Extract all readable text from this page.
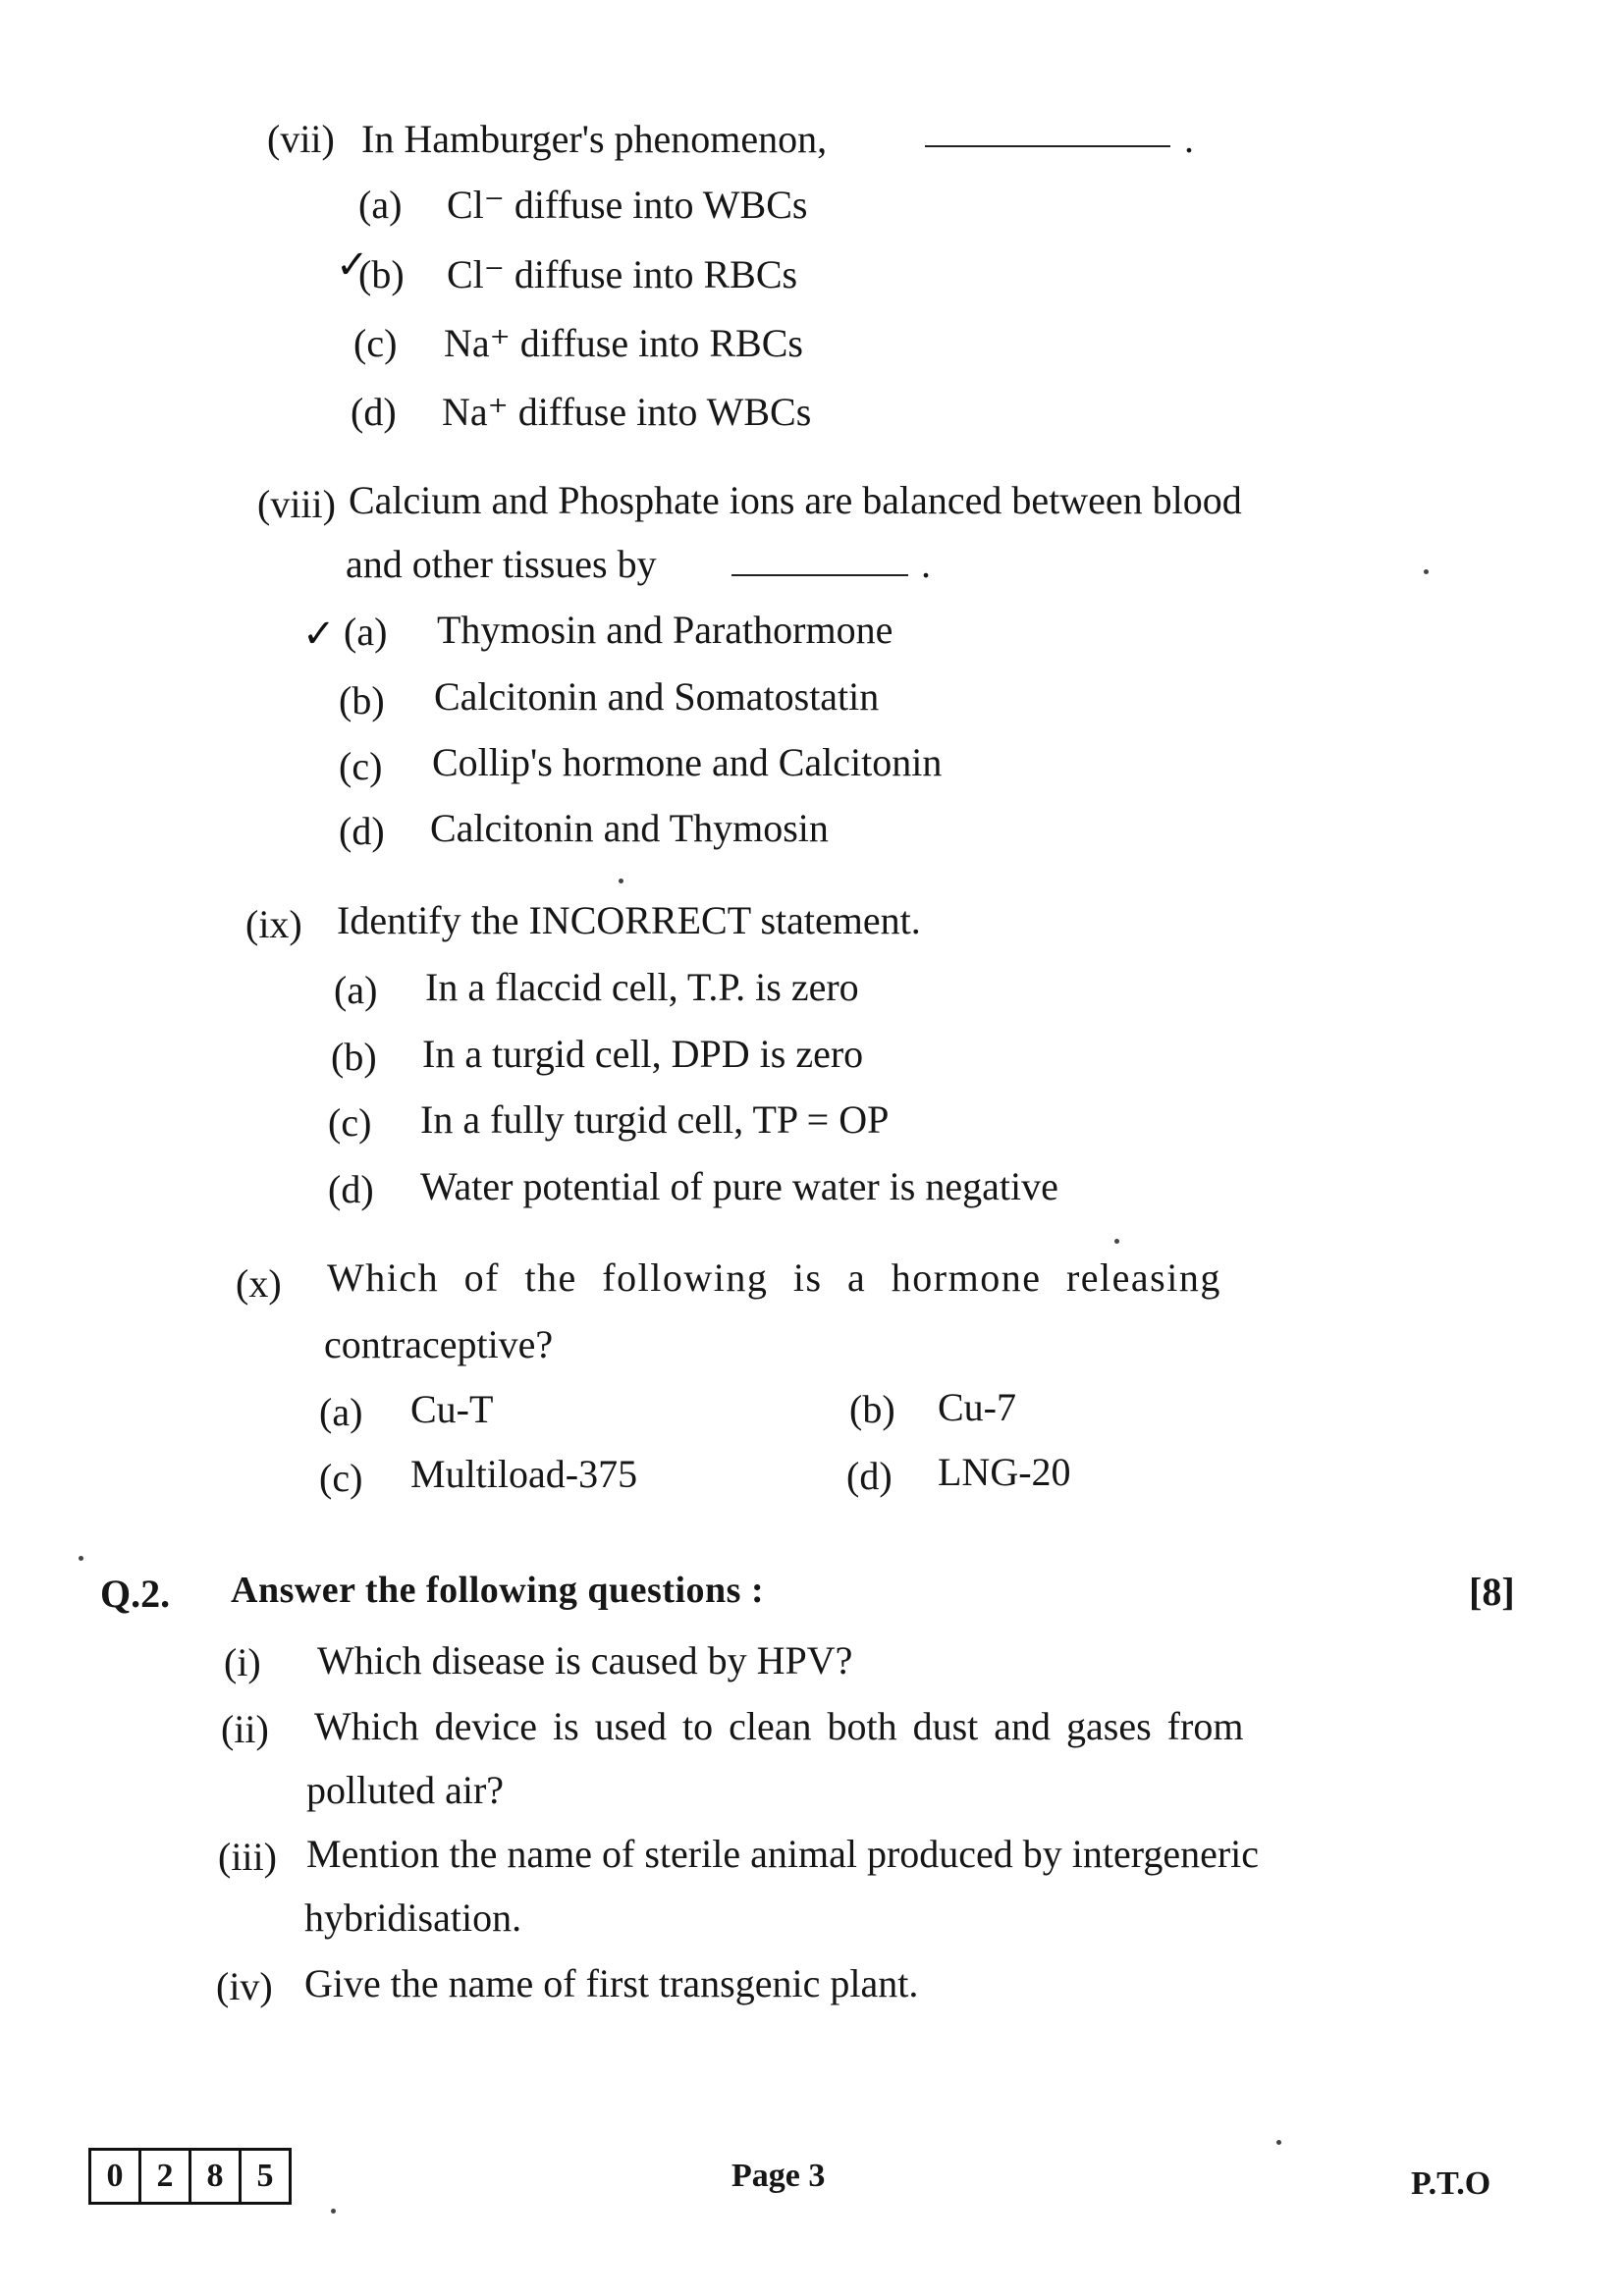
(vii) In Hamburger's phenomenon,	.
(a) Cl⁻ diffuse into WBCs
✓
(b) Cl⁻ diffuse into RBCs
(c) Na⁺ diffuse into RBCs
(d) Na⁺ diffuse into WBCs
(viii) Calcium and Phosphate ions are balanced between blood
and other tissues by	.
✓ (a) Thymosin and Parathormone
(b) Calcitonin and Somatostatin
(c) Collip's hormone and Calcitonin
(d) Calcitonin and Thymosin
(ix) Identify the INCORRECT statement.
(a) In a flaccid cell, T.P. is zero
(b) In a turgid cell, DPD is zero
(c) In a fully turgid cell, TP = OP
(d) Water potential of pure water is negative
(x) Which of the following is a hormone releasing
contraceptive?
(a) Cu-T	(b) Cu-7
(c) Multiload-375	(d) LNG-20
Q.2. Answer the following questions :	[8]
(i) Which disease is caused by HPV?
(ii) Which device is used to clean both dust and gases from
polluted air?
(iii) Mention the name of sterile animal produced by intergeneric
hybridisation.
(iv) Give the name of first transgenic plant.
0	2	8	5	Page 3	P.T.O
